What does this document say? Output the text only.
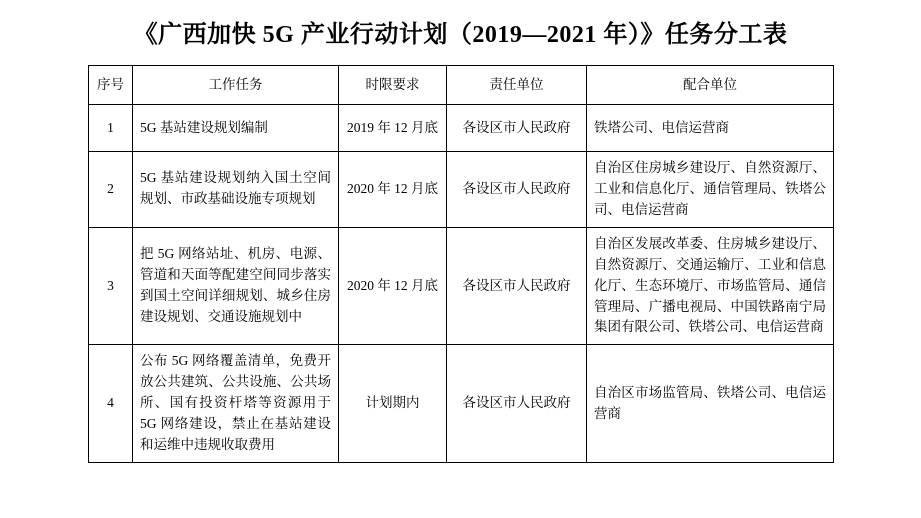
《广西加快 5G 产业行动计划（2019—2021 年）》任务分工表
序号	工作任务	时限要求	责任单位	配合单位
1	5G 基站建设规划编制	2019 年 12 月底	各设区市人民政府	铁塔公司、电信运营商
2	5G 基站建设规划纳入国土空间规划、市政基础设施专项规划	2020 年 12 月底	各设区市人民政府	自治区住房城乡建设厅、自然资源厅、工业和信息化厅、通信管理局、铁塔公司、电信运营商
3	把 5G 网络站址、机房、电源、管道和天面等配建空间同步落实到国土空间详细规划、城乡住房建设规划、交通设施规划中	2020 年 12 月底	各设区市人民政府	自治区发展改革委、住房城乡建设厅、自然资源厅、交通运输厅、工业和信息化厅、生态环境厅、市场监管局、通信管理局、广播电视局、中国铁路南宁局集团有限公司、铁塔公司、电信运营商
4	公布 5G 网络覆盖清单，免费开放公共建筑、公共设施、公共场所、国有投资杆塔等资源用于 5G 网络建设，禁止在基站建设和运维中违规收取费用	计划期内	各设区市人民政府	自治区市场监管局、铁塔公司、电信运营商
